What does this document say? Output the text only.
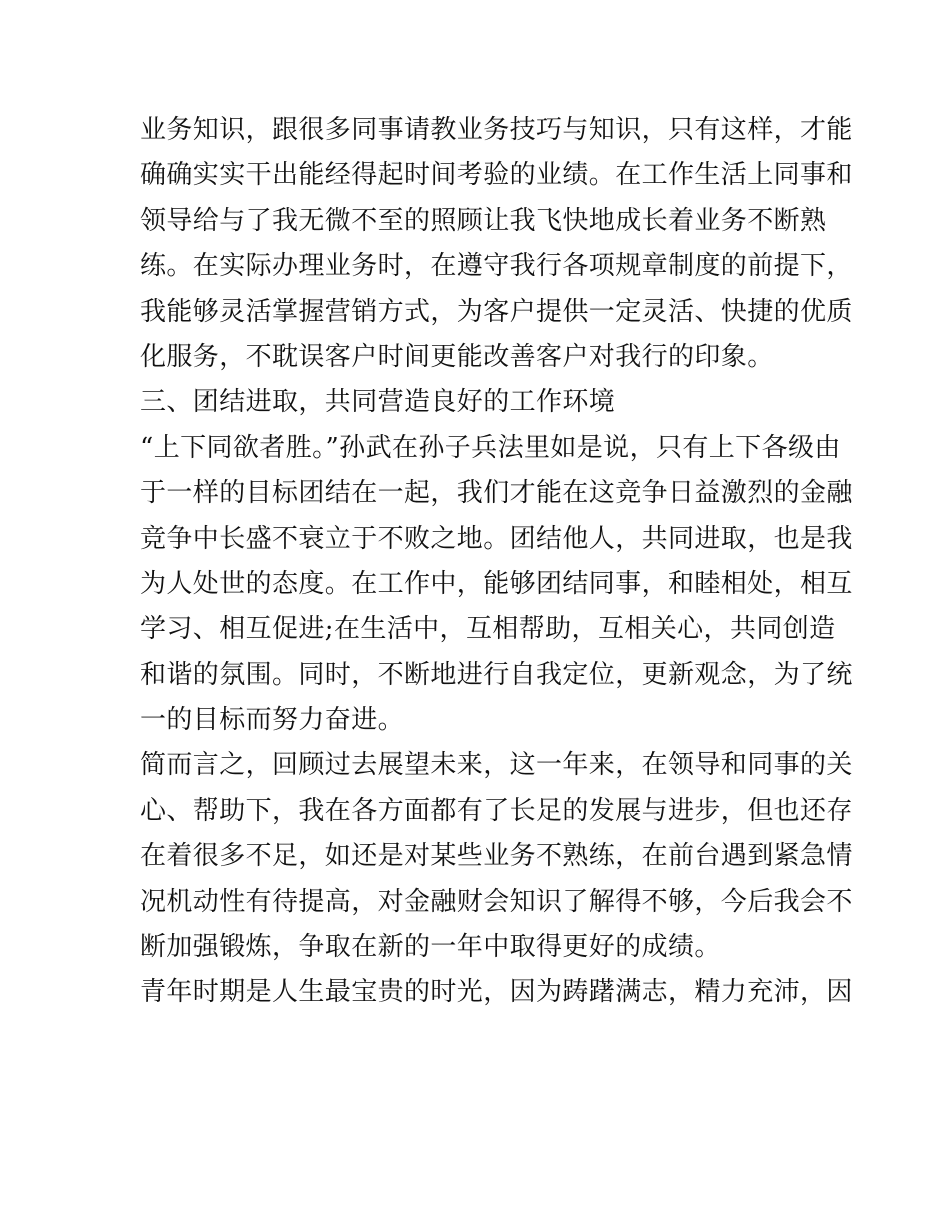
业务知识，跟很多同事请教业务技巧与知识，只有这样，才能
确确实实干出能经得起时间考验的业绩。在工作生活上同事和
领导给与了我无微不至的照顾让我飞快地成长着业务不断熟
练。在实际办理业务时，在遵守我行各项规章制度的前提下，
我能够灵活掌握营销方式，为客户提供一定灵活、快捷的优质
化服务，不耽误客户时间更能改善客户对我行的印象。
三、团结进取，共同营造良好的工作环境
“上下同欲者胜。”孙武在孙子兵法里如是说，只有上下各级由
于一样的目标团结在一起，我们才能在这竞争日益激烈的金融
竞争中长盛不衰立于不败之地。团结他人，共同进取，也是我
为人处世的态度。在工作中，能够团结同事，和睦相处，相互
学习、相互促进;在生活中，互相帮助，互相关心，共同创造
和谐的氛围。同时，不断地进行自我定位，更新观念，为了统
一的目标而努力奋进。
简而言之，回顾过去展望未来，这一年来，在领导和同事的关
心、帮助下，我在各方面都有了长足的发展与进步，但也还存
在着很多不足，如还是对某些业务不熟练，在前台遇到紧急情
况机动性有待提高，对金融财会知识了解得不够，今后我会不
断加强锻炼，争取在新的一年中取得更好的成绩。
青年时期是人生最宝贵的时光，因为踌躇满志，精力充沛，因
